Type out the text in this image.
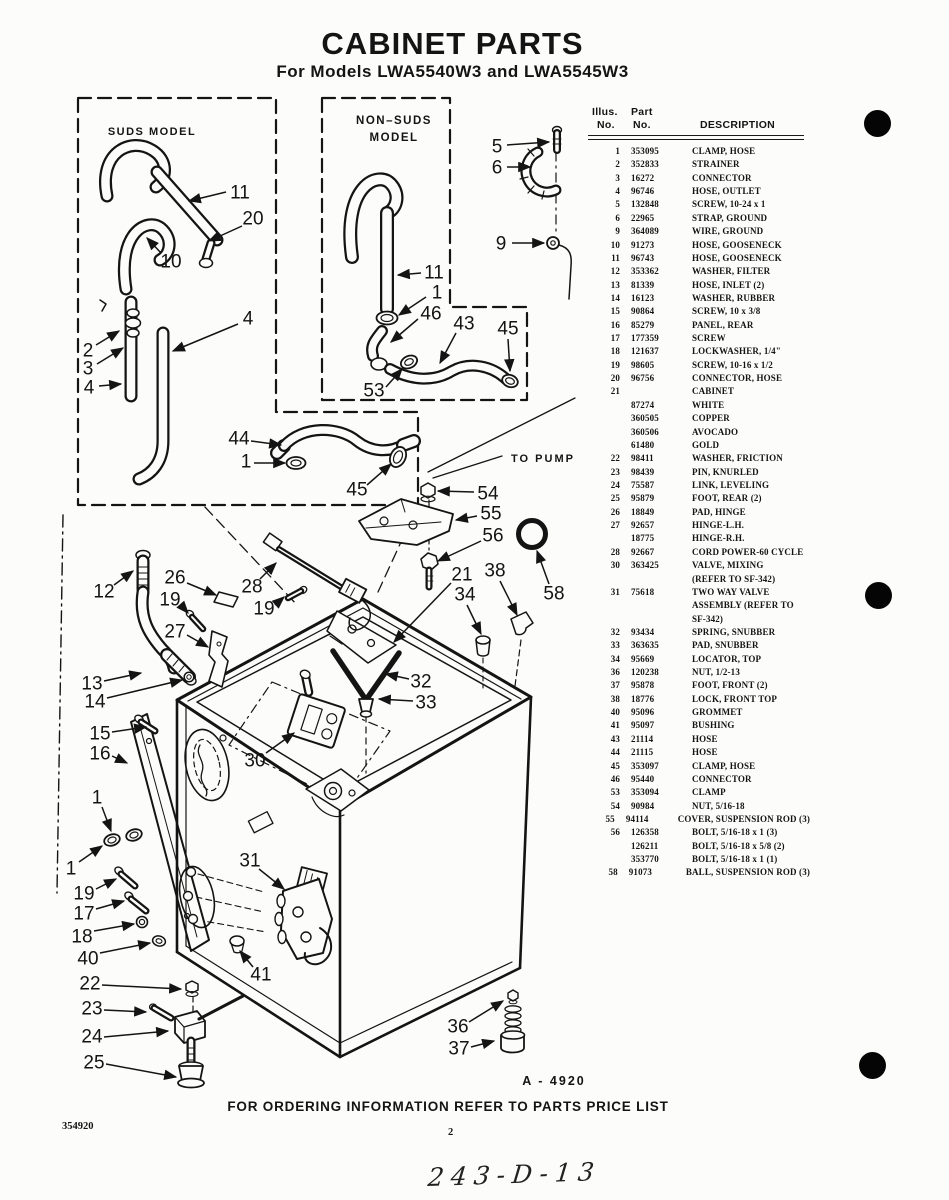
SUDS MODEL
NON–SUDS
MODEL
TO PUMP
A - 4920
11
20
10
2
3
4
4
11
1
46 43 45
53
5
6
9
44
1
45	54
55
56
21
34
38
58
12
26
19
27
28
19
13
14
15
16
1
30
32
33
1
19
17
18
40
22
23
24
25
31
41
36
37
CABINET PARTS
For Models LWA5540W3 and LWA5545W3
Illus. Part
No. No.	DESCRIPTION
1	353095	CLAMP, HOSE
2	352833	STRAINER
3	16272	CONNECTOR
4	96746	HOSE, OUTLET
5	132848	SCREW, 10-24 x 1
6	22965	STRAP, GROUND
9	364089	WIRE, GROUND
10	91273	HOSE, GOOSENECK
11	96743	HOSE, GOOSENECK
12	353362	WASHER, FILTER
13	81339	HOSE, INLET (2)
14	16123	WASHER, RUBBER
15	90864	SCREW, 10 x 3/8
16	85279	PANEL, REAR
17	177359	SCREW
18	121637	LOCKWASHER, 1/4"
19	98605	SCREW, 10-16 x 1/2
20	96756	CONNECTOR, HOSE
21	CABINET
87274	WHITE
360505	COPPER
360506	AVOCADO
61480	GOLD
22	98411	WASHER, FRICTION
23	98439	PIN, KNURLED
24	75587	LINK, LEVELING
25	95879	FOOT, REAR (2)
26	18849	PAD, HINGE
27	92657	HINGE-L.H.
18775	HINGE-R.H.
28	92667	CORD POWER-60 CYCLE
30	363425	VALVE, MIXING
(REFER TO SF-342)
31	75618	TWO WAY VALVE
ASSEMBLY (REFER TO
SF-342)
32	93434	SPRING, SNUBBER
33	363635	PAD, SNUBBER
34	95669	LOCATOR, TOP
36	120238	NUT, 1/2-13
37	95878	FOOT, FRONT (2)
38	18776	LOCK, FRONT TOP
40	95096	GROMMET
41	95097	BUSHING
43	21114	HOSE
44	21115	HOSE
45	353097	CLAMP, HOSE
46	95440	CONNECTOR
53	353094	CLAMP
54	90984	NUT, 5/16-18
55	94114	COVER, SUSPENSION ROD (3)
56	126358	BOLT, 5/16-18 x 1 (3)
126211	BOLT, 5/16-18 x 5/8 (2)
353770	BOLT, 5/16-18 x 1 (1)
58	91073	BALL, SUSPENSION ROD (3)
FOR ORDERING INFORMATION REFER TO PARTS PRICE LIST
354920
2
243-D-13
